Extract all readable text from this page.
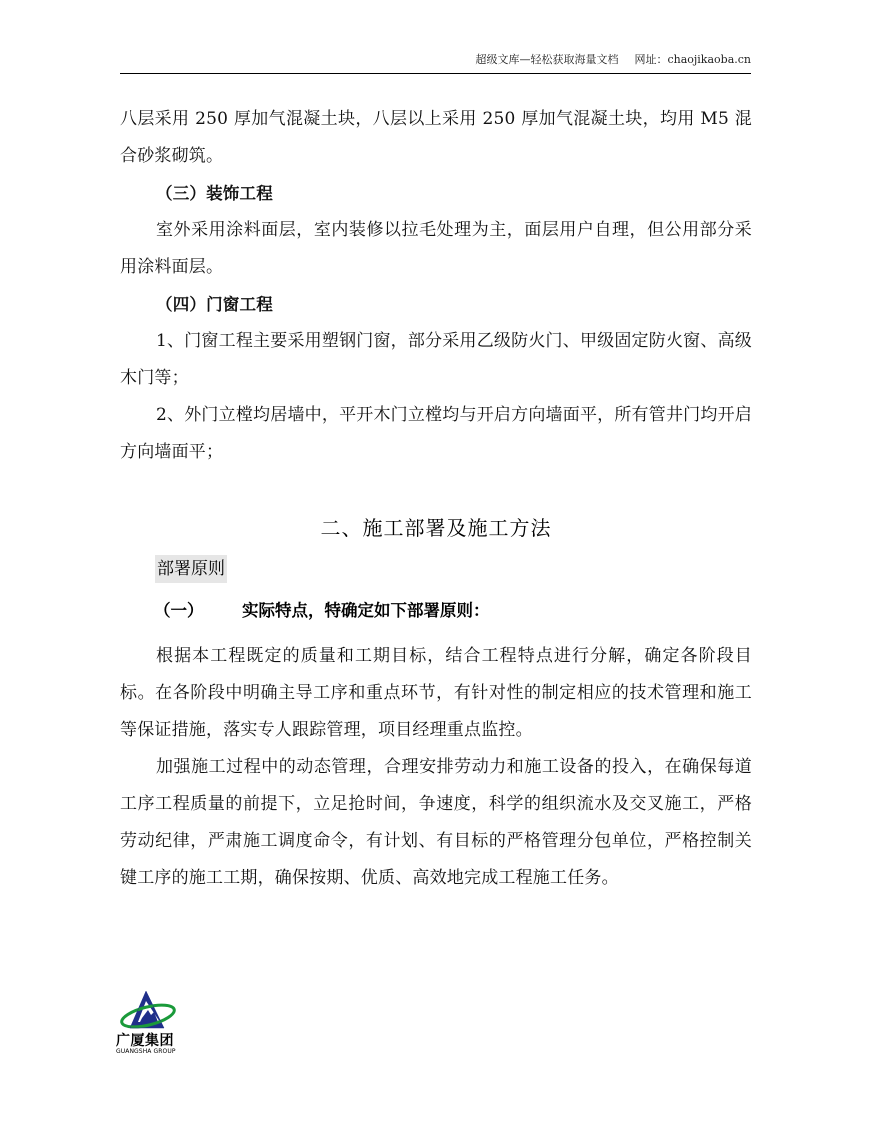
超级文库—轻松获取海量文档 网址：chaojikaoba.cn

八层采用 250 厚加气混凝土块，八层以上采用 250 厚加气混凝土块，均用 M5 混合砂浆砌筑。

（三）装饰工程

室外采用涂料面层，室内装修以拉毛处理为主，面层用户自理，但公用部分采用涂料面层。

（四）门窗工程

1、门窗工程主要采用塑钢门窗，部分采用乙级防火门、甲级固定防火窗、高级木门等；

2、外门立樘均居墙中，平开木门立樘均与开启方向墙面平，所有管井门均开启方向墙面平；

二、施工部署及施工方法
部署原则
（一） 实际特点，特确定如下部署原则：

根据本工程既定的质量和工期目标，结合工程特点进行分解，确定各阶段目标。在各阶段中明确主导工序和重点环节，有针对性的制定相应的技术管理和施工等保证措施，落实专人跟踪管理，项目经理重点监控。

加强施工过程中的动态管理，合理安排劳动力和施工设备的投入，在确保每道工序工程质量的前提下，立足抢时间，争速度，科学的组织流水及交叉施工，严格劳动纪律，严肃施工调度命令，有计划、有目标的严格管理分包单位，严格控制关键工序的施工工期，确保按期、优质、高效地完成工程施工任务。

广厦集团
GUANGSHA GROUP
